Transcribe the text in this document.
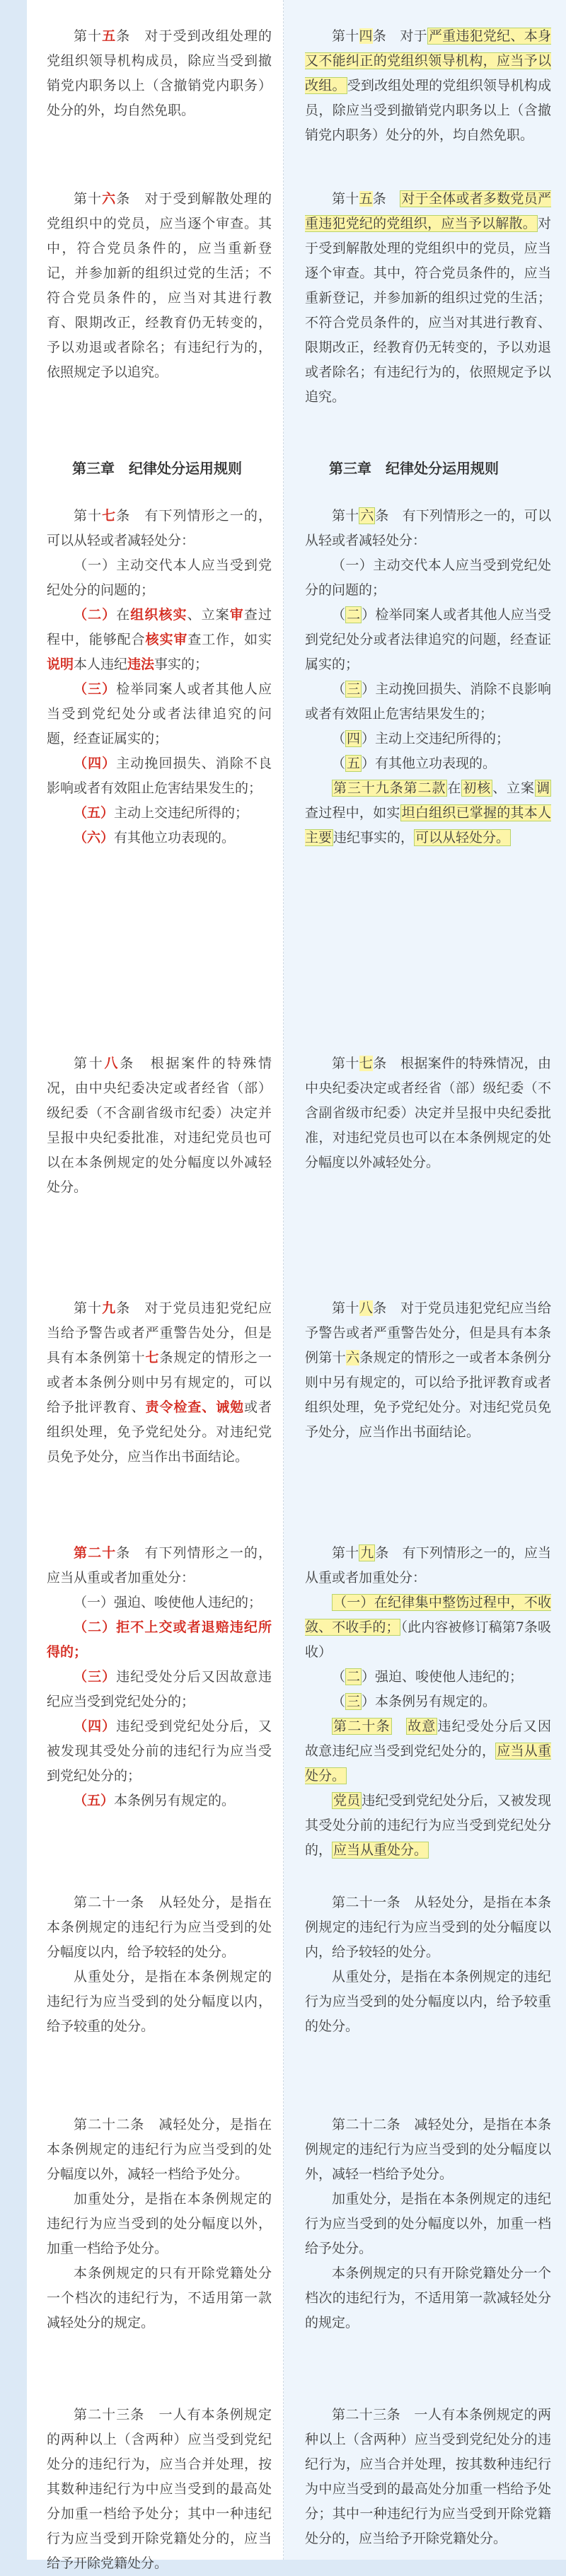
第十五条　对于受到改组处理的党组织领导机构成员，除应当受到撤销党内职务以上（含撤销党内职务）处分的外，均自然免职。

第十六条　对于受到解散处理的党组织中的党员，应当逐个审查。其中，符合党员条件的，应当重新登记，并参加新的组织过党的生活；不符合党员条件的，应当对其进行教育、限期改正，经教育仍无转变的，予以劝退或者除名；有违纪行为的，依照规定予以追究。

第三章　纪律处分运用规则

第十七条　有下列情形之一的，可以从轻或者减轻处分：

（一）主动交代本人应当受到党纪处分的问题的；

（二）在组织核实、立案审查过程中，能够配合核实审查工作，如实说明本人违纪违法事实的；

（三）检举同案人或者其他人应当受到党纪处分或者法律追究的问题，经查证属实的；

（四）主动挽回损失、消除不良影响或者有效阻止危害结果发生的；

（五）主动上交违纪所得的；

（六）有其他立功表现的。

第十八条　根据案件的特殊情况，由中央纪委决定或者经省（部）级纪委（不含副省级市纪委）决定并呈报中央纪委批准，对违纪党员也可以在本条例规定的处分幅度以外减轻处分。

第十九条　对于党员违犯党纪应当给予警告或者严重警告处分，但是具有本条例第十七条规定的情形之一或者本条例分则中另有规定的，可以给予批评教育、责令检查、诫勉或者组织处理，免予党纪处分。对违纪党员免予处分，应当作出书面结论。

第二十条　有下列情形之一的，应当从重或者加重处分：

（一）强迫、唆使他人违纪的；

（二）拒不上交或者退赔违纪所得的；

（三）违纪受处分后又因故意违纪应当受到党纪处分的；

（四）违纪受到党纪处分后，又被发现其受处分前的违纪行为应当受到党纪处分的；

（五）本条例另有规定的。

第二十一条　从轻处分，是指在本条例规定的违纪行为应当受到的处分幅度以内，给予较轻的处分。

从重处分，是指在本条例规定的违纪行为应当受到的处分幅度以内，给予较重的处分。

第二十二条　减轻处分，是指在本条例规定的违纪行为应当受到的处分幅度以外，减轻一档给予处分。

加重处分，是指在本条例规定的违纪行为应当受到的处分幅度以外，加重一档给予处分。

本条例规定的只有开除党籍处分一个档次的违纪行为，不适用第一款减轻处分的规定。

第二十三条　一人有本条例规定的两种以上（含两种）应当受到党纪处分的违纪行为，应当合并处理，按其数种违纪行为中应当受到的最高处分加重一档给予处分；其中一种违纪行为应当受到开除党籍处分的，应当给予开除党籍处分。

第十四条　对于 严重违犯党纪、本身又不能纠正的党组织领导机构，应当予以改组。 受到改组处理的党组织领导机构成员，除应当受到撤销党内职务以上（含撤销党内职务）处分的外，均自然免职。

第十五条　对于全体或者多数党员严重违犯党纪的党组织，应当予以解散。 对于受到解散处理的党组织中的党员，应当逐个审查。其中，符合党员条件的，应当重新登记，并参加新的组织过党的生活；不符合党员条件的，应当对其进行教育、限期改正，经教育仍无转变的，予以劝退或者除名；有违纪行为的，依照规定予以追究。

第三章　纪律处分运用规则

第十 六 条　有下列情形之一的，可以从轻或者减轻处分：

（一）主动交代本人应当受到党纪处分的问题的；

（ 二 ）检举同案人或者其他人应当受到党纪处分或者法律追究的问题，经查证属实的；

（ 三 ）主动挽回损失、消除不良影响或者有效阻止危害结果发生的；

（ 四 ）主动上交违纪所得的；

（ 五 ）有其他立功表现的。

第三十九条第二款 在 初核 、立案 调查过程中，如实 坦白组织已掌握的其本人主要 违纪事实的， 可以从轻处分。

第十七条　根据案件的特殊情况，由中央纪委决定或者经省（部）级纪委（不含副省级市纪委）决定并呈报中央纪委批准，对违纪党员也可以在本条例规定的处分幅度以外减轻处分。

第十八条　对于党员违犯党纪应当给予警告或者严重警告处分，但是具有本条例第十六条规定的情形之一或者本条例分则中另有规定的，可以给予批评教育或者组织处理，免予党纪处分。对违纪党员免予处分，应当作出书面结论。

第十 九 条　有下列情形之一的，应当从重或者加重处分：

（一）在纪律集中整饬过程中，不收敛、不收手的； （此内容被修订稿第7条吸收）

（ 二 ）强迫、唆使他人违纪的；

（ 三 ）本条例另有规定的。

第二十条　 故意 违纪受处分后又因故意违纪应当受到党纪处分的， 应当从重处分。

党员 违纪受到党纪处分后，又被发现其受处分前的违纪行为应当受到党纪处分的， 应当从重处分。

第二十一条　从轻处分，是指在本条例规定的违纪行为应当受到的处分幅度以内，给予较轻的处分。

从重处分，是指在本条例规定的违纪行为应当受到的处分幅度以内，给予较重的处分。

第二十二条　减轻处分，是指在本条例规定的违纪行为应当受到的处分幅度以外，减轻一档给予处分。

加重处分，是指在本条例规定的违纪行为应当受到的处分幅度以外，加重一档给予处分。

本条例规定的只有开除党籍处分一个档次的违纪行为，不适用第一款减轻处分的规定。

第二十三条　一人有本条例规定的两种以上（含两种）应当受到党纪处分的违纪行为，应当合并处理，按其数种违纪行为中应当受到的最高处分加重一档给予处分；其中一种违纪行为应当受到开除党籍处分的，应当给予开除党籍处分。
